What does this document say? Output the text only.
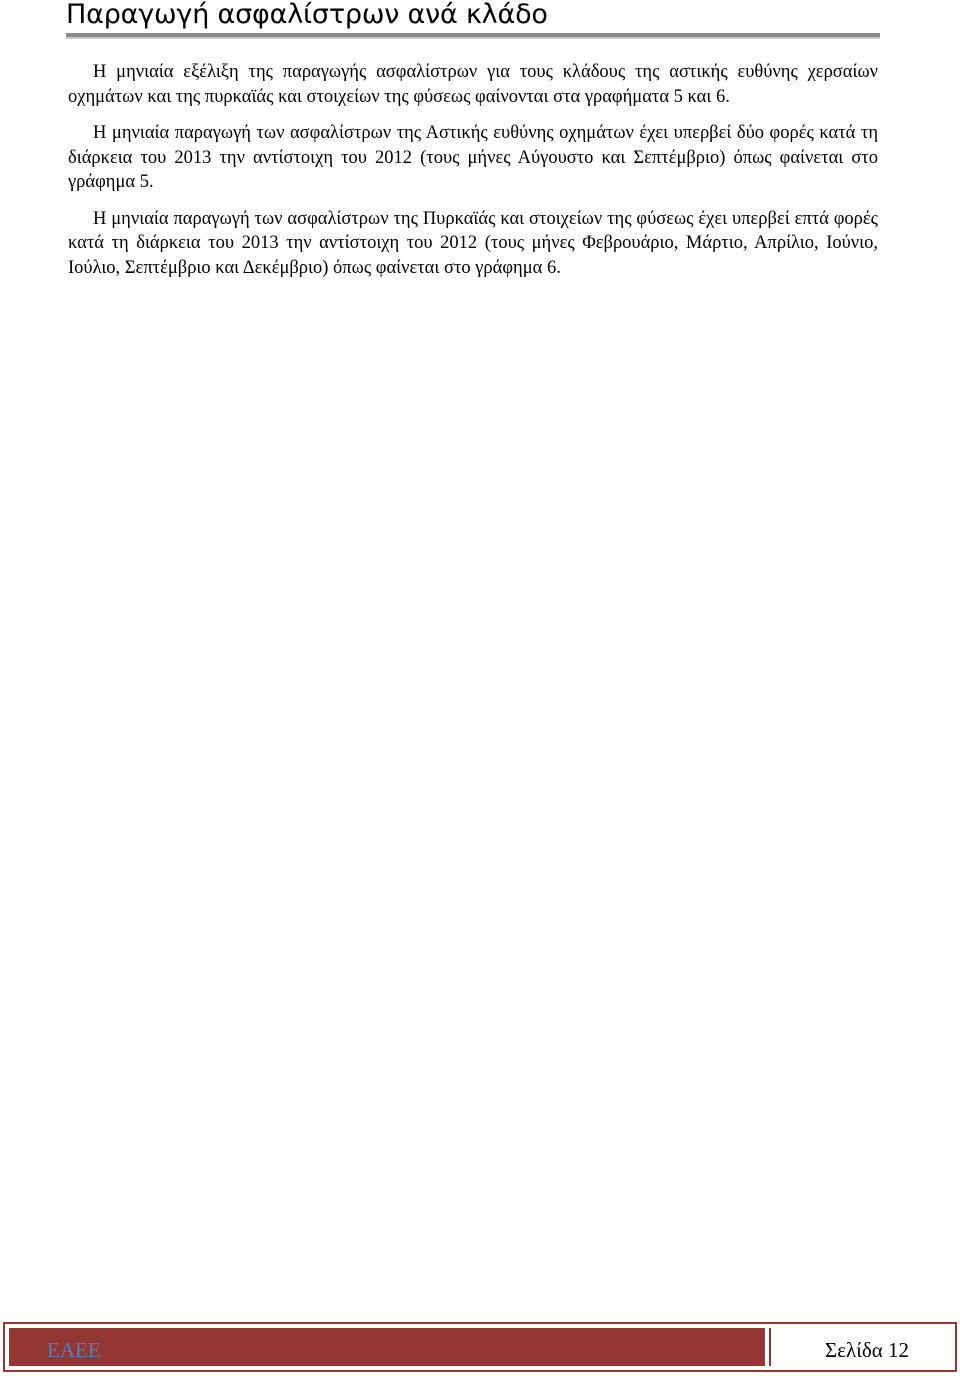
Παραγωγή ασφαλίστρων ανά κλάδο

Η μηνιαία εξέλιξη της παραγωγής ασφαλίστρων για τους κλάδους της αστικής ευθύνης χερσαίων οχημάτων και της πυρκαϊάς και στοιχείων της φύσεως φαίνονται στα γραφήματα 5 και 6.

Η μηνιαία παραγωγή των ασφαλίστρων της Αστικής ευθύνης οχημάτων έχει υπερβεί δύο φορές κατά τη διάρκεια του 2013 την αντίστοιχη του 2012 (τους μήνες Αύγουστο και Σεπτέμβριο) όπως φαίνεται στο γράφημα 5.

Η μηνιαία παραγωγή των ασφαλίστρων της Πυρκαϊάς και στοιχείων της φύσεως έχει υπερβεί επτά φορές κατά τη διάρκεια του 2013 την αντίστοιχη του 2012 (τους μήνες Φεβρουάριο, Μάρτιο, Απρίλιο, Ιούνιο, Ιούλιο, Σεπτέμβριο και Δεκέμβριο) όπως φαίνεται στο γράφημα 6.

ΕΑΕΕ	Σελίδα 12
